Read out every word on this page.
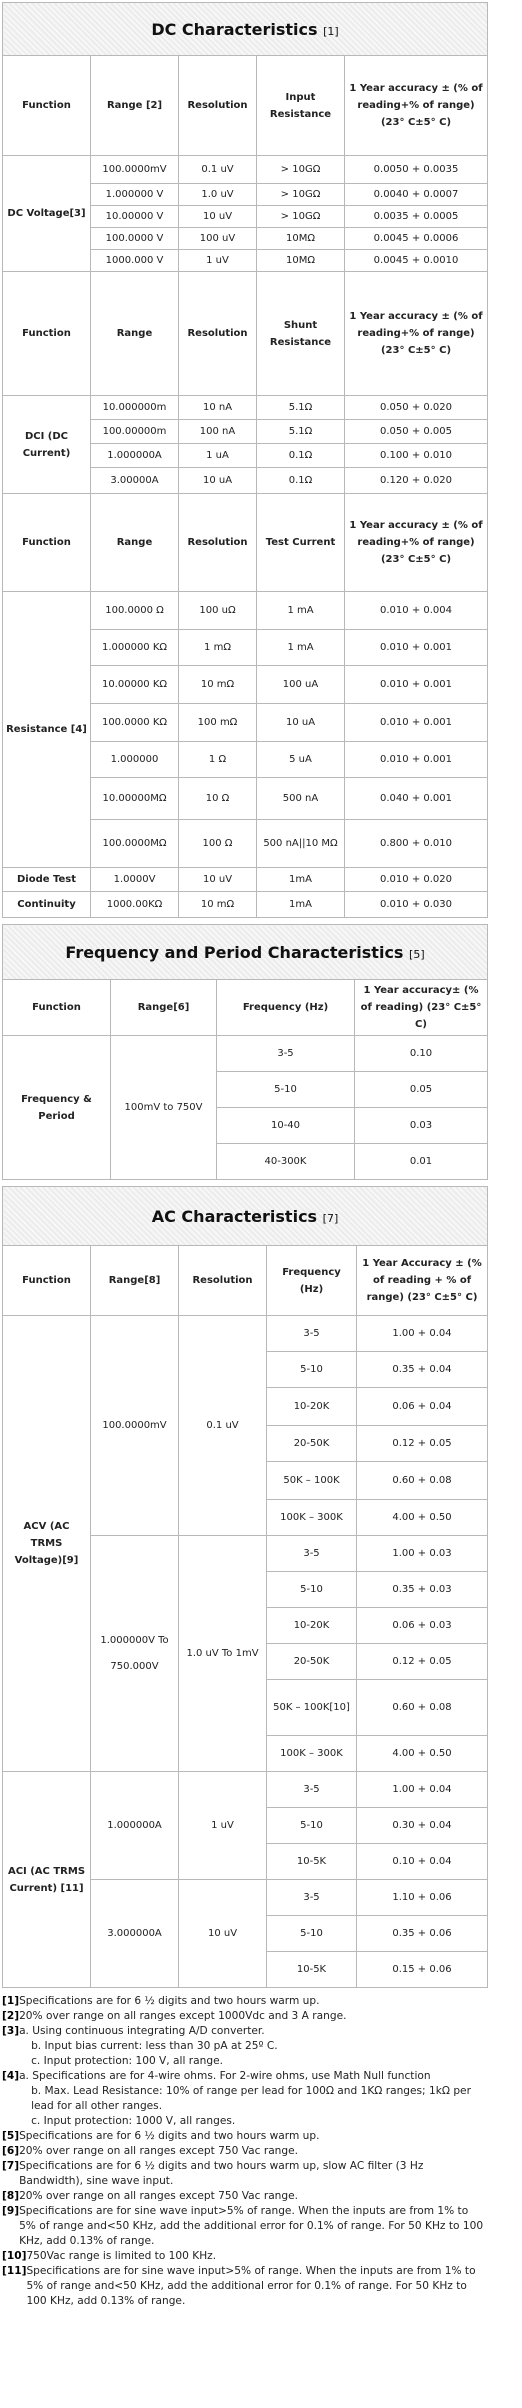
DC Characteristics [1]				
Function	Range [2]	Resolution	Input Resistance	1 Year accuracy ± (% of reading+% of range) (23° C±5° C)
DC Voltage[3]	100.0000mV	0.1 uV	> 10GΩ	0.0050 + 0.0035
	1.000000 V	1.0 uV	> 10GΩ	0.0040 + 0.0007
	10.00000 V	10 uV	> 10GΩ	0.0035 + 0.0005
	100.0000 V	100 uV	10MΩ	0.0045 + 0.0006
	1000.000 V	1 uV	10MΩ	0.0045 + 0.0010
Function	Range	Resolution	Shunt Resistance	1 Year accuracy ± (% of reading+% of range) (23° C±5° C)
DCI (DC Current)	10.000000m	10 nA	5.1Ω	0.050 + 0.020
	100.00000m	100 nA	5.1Ω	0.050 + 0.005
	1.000000A	1 uA	0.1Ω	0.100 + 0.010
	3.00000A	10 uA	0.1Ω	0.120 + 0.020
Function	Range	Resolution	Test Current	1 Year accuracy ± (% of reading+% of range) (23° C±5° C)
Resistance [4]	100.0000 Ω	100 uΩ	1 mA	0.010 + 0.004
	1.000000 KΩ	1 mΩ	1 mA	0.010 + 0.001
	10.00000 KΩ	10 mΩ	100 uA	0.010 + 0.001
	100.0000 KΩ	100 mΩ	10 uA	0.010 + 0.001
	1.000000	1 Ω	5 uA	0.010 + 0.001
	10.00000MΩ	10 Ω	500 nA	0.040 + 0.001
	100.0000MΩ	100 Ω	500 nA||10 MΩ	0.800 + 0.010
Diode Test	1.0000V	10 uV	1mA	0.010 + 0.020
Continuity	1000.00KΩ	10 mΩ	1mA	0.010 + 0.030
Frequency and Period Characteristics [5]			
Function	Range[6]	Frequency (Hz)	1 Year accuracy± (% of reading) (23° C±5° C)
Frequency & Period	100mV to 750V	3-5	0.10
		5-10	0.05
		10-40	0.03
		40-300K	0.01
AC Characteristics [7]				
Function	Range[8]	Resolution	Frequency (Hz)	1 Year Accuracy ± (% of reading + % of range) (23° C±5° C)
ACV (AC TRMS Voltage)[9]	100.0000mV	0.1 uV	3-5	1.00 + 0.04
			5-10	0.35 + 0.04
			10-20K	0.06 + 0.04
			20-50K	0.12 + 0.05
			50K – 100K	0.60 + 0.08
			100K – 300K	4.00 + 0.50
	1.000000V To 750.000V	1.0 uV To 1mV	3-5	1.00 + 0.03
			5-10	0.35 + 0.03
			10-20K	0.06 + 0.03
			20-50K	0.12 + 0.05
			50K – 100K[10]	0.60 + 0.08
			100K – 300K	4.00 + 0.50
ACI (AC TRMS Current) [11]	1.000000A	1 uV	3-5	1.00 + 0.04
			5-10	0.30 + 0.04
			10-5K	0.10 + 0.04
	3.000000A	10 uV	3-5	1.10 + 0.06
			5-10	0.35 + 0.06
			10-5K	0.15 + 0.06
[1] Specifications are for 6 ½ digits and two hours warm up.
[2] 20% over range on all ranges except 1000Vdc and 3 A range.
[3] a. Using continuous integrating A/D converter.
b. Input bias current: less than 30 pA at 25º C.
c. Input protection: 100 V, all range.
[4] a. Specifications are for 4-wire ohms. For 2-wire ohms, use Math Null function
b. Max. Lead Resistance: 10% of range per lead for 100Ω and 1KΩ ranges; 1kΩ per lead for all other ranges.
c. Input protection: 1000 V, all ranges.
[5] Specifications are for 6 ½ digits and two hours warm up.
[6] 20% over range on all ranges except 750 Vac range.
[7] Specifications are for 6 ½ digits and two hours warm up, slow AC filter (3 Hz Bandwidth), sine wave input.
[8] 20% over range on all ranges except 750 Vac range.
[9] Specifications are for sine wave input>5% of range. When the inputs are from 1% to 5% of range and<50 KHz, add the additional error for 0.1% of range. For 50 KHz to 100 KHz, add 0.13% of range.
[10] 750Vac range is limited to 100 KHz.
[11] Specifications are for sine wave input>5% of range. When the inputs are from 1% to 5% of range and<50 KHz, add the additional error for 0.1% of range. For 50 KHz to 100 KHz, add 0.13% of range.
